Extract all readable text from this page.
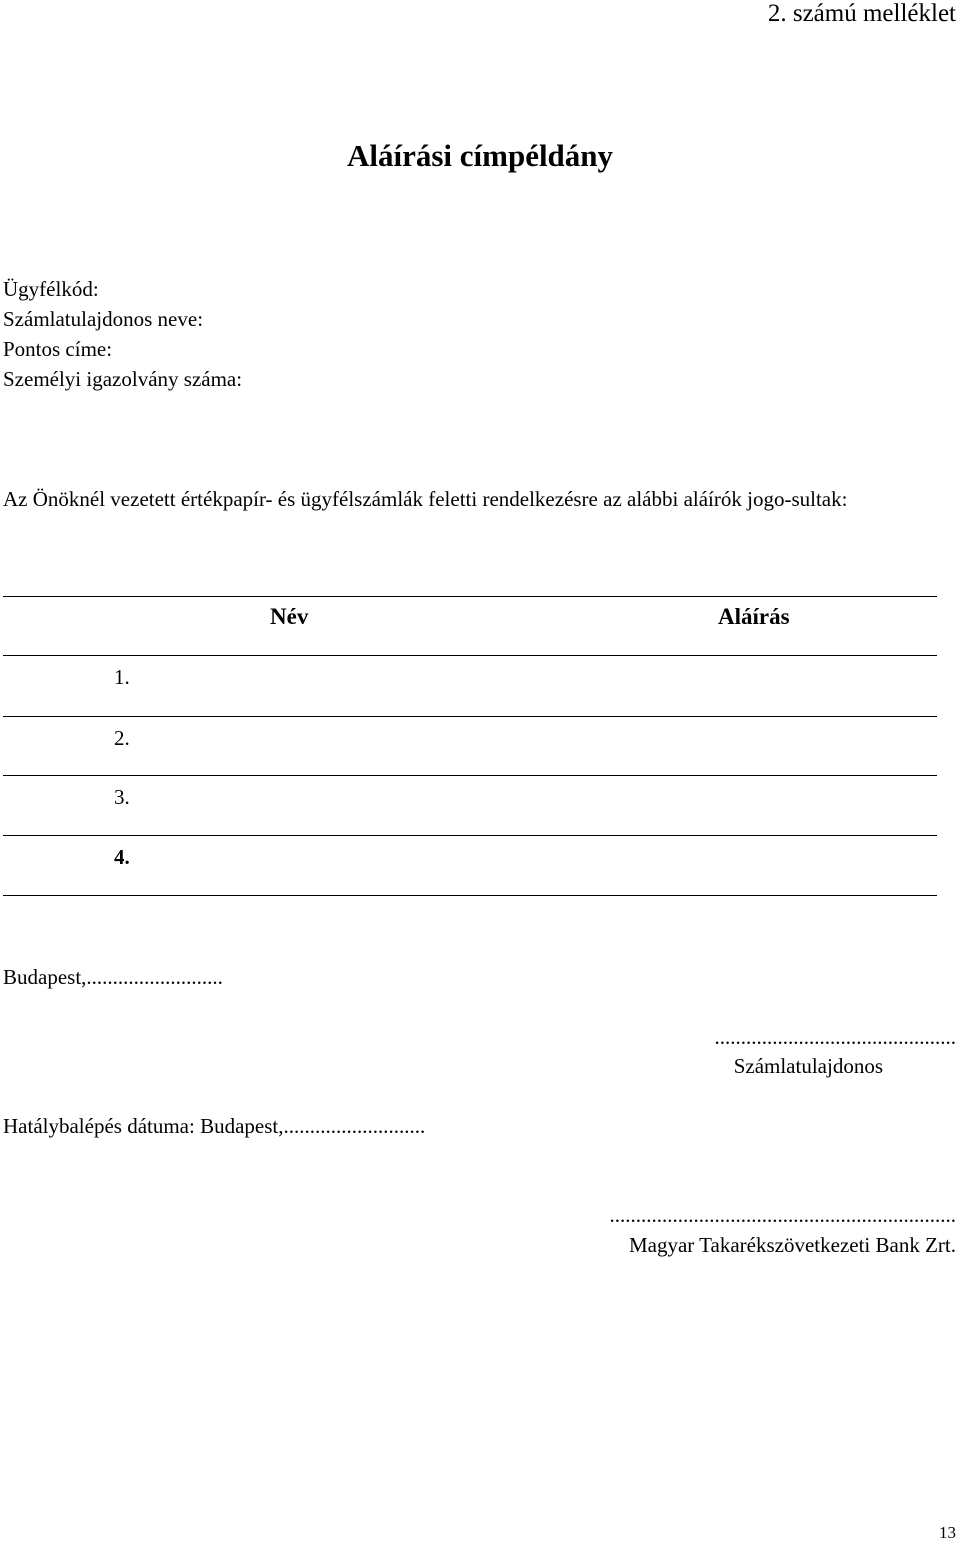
2. számú melléklet
Aláírási címpéldány
Ügyfélkód:
Számlatulajdonos neve:
Pontos címe:
Személyi igazolvány száma:
Az Önöknél vezetett értékpapír- és ügyfélszámlák feletti rendelkezésre az alábbi aláírók jogo-sultak:
Név	Aláírás
1.
2.
3.
4.
Budapest,..........................
..............................................
Számlatulajdonos
Hatálybalépés dátuma: Budapest,...........................
..................................................................
Magyar Takarékszövetkezeti Bank Zrt.
13
